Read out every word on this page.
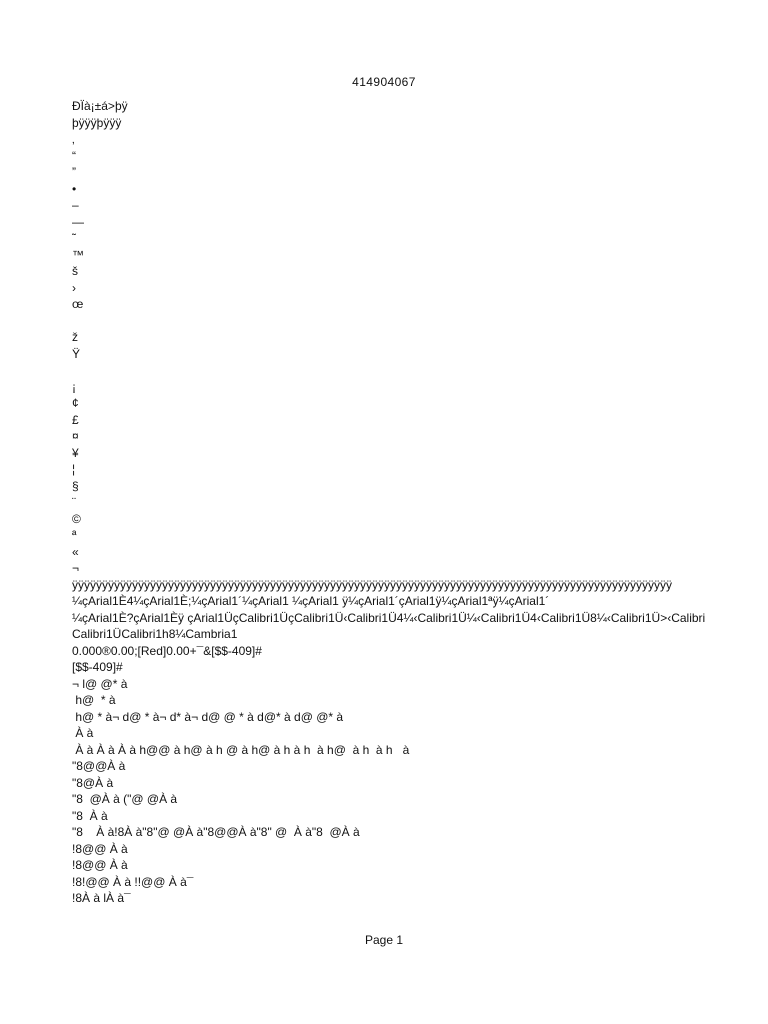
414904067
ÐÏà¡±á>þÿ
þÿÿÿþÿÿÿ
‚
“
”
•
–
—
˜
™
š
›
œ
ž
Ÿ

¡
¢
£
¤
¥
¦
§
¨
©
ª
«
¬
ÿÿÿÿÿÿÿÿÿÿÿÿÿÿÿÿÿÿÿÿÿÿÿÿÿÿÿÿÿÿÿÿÿÿÿÿÿÿÿÿÿÿÿÿÿÿÿÿÿÿÿÿÿÿÿÿÿÿÿÿÿÿÿÿÿÿÿÿÿÿÿÿÿÿÿÿÿÿÿÿÿÿÿÿÿÿÿÿÿÿÿÿÿÿÿÿÿÿÿÿ
¼çArial1È4¼çArial1È;¼çArial1´¼çArial1 ¼çArial1 ÿ¼çArial1´çArial1ÿ¼çArial1ªÿ¼çArial1´
¼çArial1È?çArial1Èÿ çArial1ÜçCalibri1ÜçCalibri1Ü‹Calibri1Ü4¼‹Calibri1Ü¼‹Calibri1Ü4‹Calibri1Ü8¼‹Calibri1Ü>‹Calibri
Calibri1ÜCalibri1h8¼Cambria1
0.000®0.00;[Red]0.00+¯&[$$-409]#
[$$-409]#
¬ l@ @* à
h@  * à
h@ * à¬ d@ * à¬ d* à¬ d@ @ * à d@* à d@ @* à
À à
À à À à À à h@@ à h@ à h @ à h@ à h à h  à h@  à h  à h   à
"8@@À à
"8@À à
"8  @À à ("@ @À à
"8  À à
"8    À à!8À à"8"@ @À à"8@@À à"8" @  À à"8  @À à
!8@@ À à
!8@@ À à
!8!@@ À à !!@@ À à¯
!8À à lÀ à¯
Page 1
